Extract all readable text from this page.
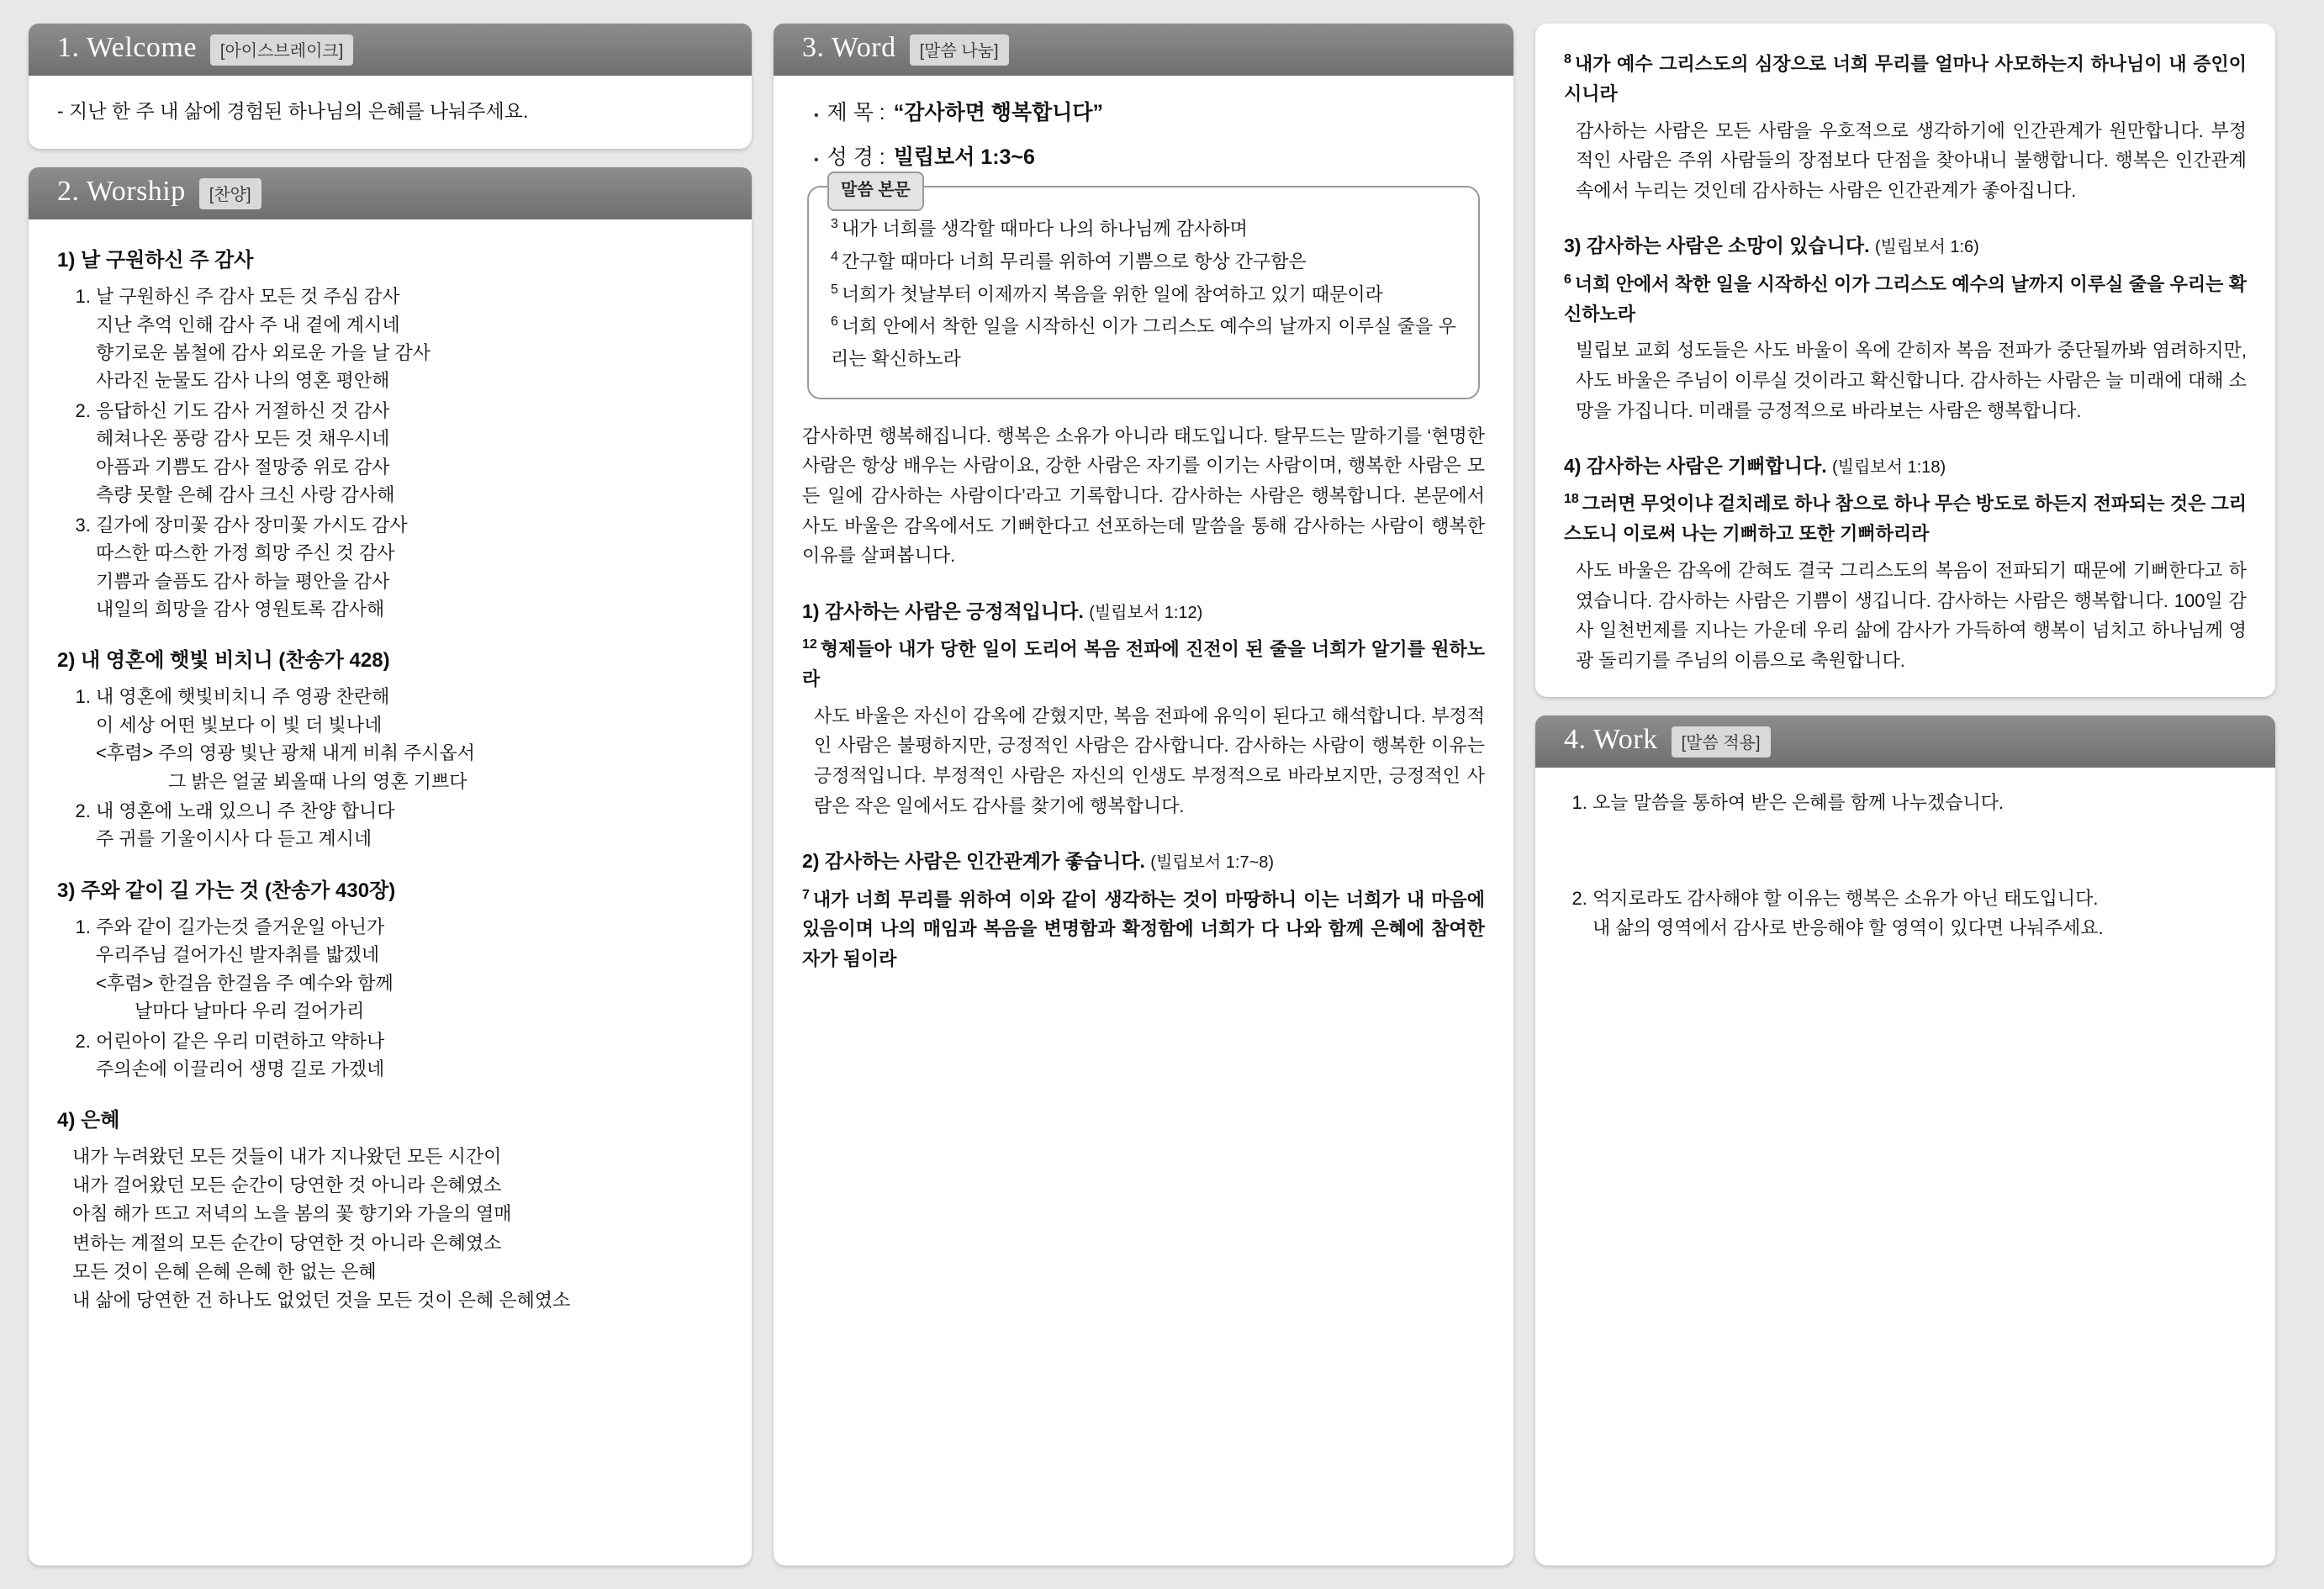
1. Welcome	[아이스브레이크]
- 지난 한 주 내 삶에 경험된 하나님의 은혜를 나눠주세요.
2. Worship	[찬양]
1) 날 구원하신 주 감사
1. 날 구원하신 주 감사 모든 것 주심 감사
지난 추억 인해 감사 주 내 곁에 계시네
향기로운 봄철에 감사 외로운 가을 날 감사
사라진 눈물도 감사 나의 영혼 평안해
2. 응답하신 기도 감사 거절하신 것 감사
헤쳐나온 풍랑 감사 모든 것 채우시네
아픔과 기쁨도 감사 절망중 위로 감사
측량 못할 은혜 감사 크신 사랑 감사해
3. 길가에 장미꽃 감사 장미꽃 가시도 감사
따스한 따스한 가정 희망 주신 것 감사
기쁨과 슬픔도 감사 하늘 평안을 감사
내일의 희망을 감사 영원토록 감사해
2) 내 영혼에 햇빛 비치니 (찬송가 428)
1. 내 영혼에 햇빛비치니 주 영광 찬란해
이 세상 어떤 빛보다 이 빛 더 빛나네
<후렴> 주의 영광 빛난 광채 내게 비춰 주시옵서
그 밝은 얼굴 뵈올때 나의 영혼 기쁘다
2. 내 영혼에 노래 있으니 주 찬양 합니다
주 귀를 기울이시사 다 듣고 계시네
3) 주와 같이 길 가는 것 (찬송가 430장)
1. 주와 같이 길가는것 즐거운일 아닌가
우리주님 걸어가신 발자취를 밟겠네
<후렴> 한걸음 한걸음 주 예수와 함께
날마다 날마다 우리 걸어가리
2. 어린아이 같은 우리 미련하고 약하나
주의손에 이끌리어 생명 길로 가겠네
4) 은혜
내가 누려왔던 모든 것들이 내가 지나왔던 모든 시간이
내가 걸어왔던 모든 순간이 당연한 것 아니라 은혜였소
아침 해가 뜨고 저녁의 노을 봄의 꽃 향기와 가을의 열매
변하는 계절의 모든 순간이 당연한 것 아니라 은혜였소
모든 것이 은혜 은혜 은혜 한 없는 은혜
내 삶에 당연한 건 하나도 없었던 것을 모든 것이 은혜 은혜였소
3. Word	[말씀 나눔]
• 제 목 : “감사하면 행복합니다”
• 성 경 : 빌립보서 1:3~6
말씀 본문
$^3$ 내가 너희를 생각할 때마다 나의 하나님께 감사하며
$^4$ 간구할 때마다 너희 무리를 위하여 기쁨으로 항상 간구함은
$^5$ 너희가 첫날부터 이제까지 복음을 위한 일에 참여하고 있기 때문이라
$^6$ 너희 안에서 착한 일을 시작하신 이가 그리스도 예수의 날까지 이루실 줄을 우리는 확신하노라
감사하면 행복해집니다. 행복은 소유가 아니라 태도입니다. 탈무드는 말하기를 ‘현명한 사람은 항상 배우는 사람이요, 강한 사람은 자기를 이기는 사람이며, 행복한 사람은 모든 일에 감사하는 사람이다’라고 기록합니다. 감사하는 사람은 행복합니다. 본문에서 사도 바울은 감옥에서도 기뻐한다고 선포하는데 말씀을 통해 감사하는 사람이 행복한 이유를 살펴봅니다.
1) 감사하는 사람은 긍정적입니다. (빌립보서 1:12)
$^{12}$ 형제들아 내가 당한 일이 도리어 복음 전파에 진전이 된 줄을 너희가 알기를 원하노라
사도 바울은 자신이 감옥에 갇혔지만, 복음 전파에 유익이 된다고 해석합니다. 부정적인 사람은 불평하지만, 긍정적인 사람은 감사합니다. 감사하는 사람이 행복한 이유는 긍정적입니다. 부정적인 사람은 자신의 인생도 부정적으로 바라보지만, 긍정적인 사람은 작은 일에서도 감사를 찾기에 행복합니다.
2) 감사하는 사람은 인간관계가 좋습니다. (빌립보서 1:7~8)
$^7$ 내가 너희 무리를 위하여 이와 같이 생각하는 것이 마땅하니 이는 너희가 내 마음에 있음이며 나의 매임과 복음을 변명함과 확정함에 너희가 다 나와 함께 은혜에 참여한 자가 됨이라
$^8$ 내가 예수 그리스도의 심장으로 너희 무리를 얼마나 사모하는지 하나님이 내 증인이시니라
감사하는 사람은 모든 사람을 우호적으로 생각하기에 인간관계가 원만합니다. 부정적인 사람은 주위 사람들의 장점보다 단점을 찾아내니 불행합니다. 행복은 인간관계 속에서 누리는 것인데 감사하는 사람은 인간관계가 좋아집니다.
3) 감사하는 사람은 소망이 있습니다. (빌립보서 1:6)
$^6$ 너희 안에서 착한 일을 시작하신 이가 그리스도 예수의 날까지 이루실 줄을 우리는 확신하노라
빌립보 교회 성도들은 사도 바울이 옥에 갇히자 복음 전파가 중단될까봐 염려하지만, 사도 바울은 주님이 이루실 것이라고 확신합니다. 감사하는 사람은 늘 미래에 대해 소망을 가집니다. 미래를 긍정적으로 바라보는 사람은 행복합니다.
4) 감사하는 사람은 기뻐합니다. (빌립보서 1:18)
$^{18}$ 그러면 무엇이냐 겉치레로 하나 참으로 하나 무슨 방도로 하든지 전파되는 것은 그리스도니 이로써 나는 기뻐하고 또한 기뻐하리라
사도 바울은 감옥에 갇혀도 결국 그리스도의 복음이 전파되기 때문에 기뻐한다고 하였습니다. 감사하는 사람은 기쁨이 생깁니다. 감사하는 사람은 행복합니다. 100일 감사 일천번제를 지나는 가운데 우리 삶에 감사가 가득하여 행복이 넘치고 하나님께 영광 돌리기를 주님의 이름으로 축원합니다.
4. Work	[말씀 적용]
1. 오늘 말씀을 통하여 받은 은혜를 함께 나누겠습니다.
2. 억지로라도 감사해야 할 이유는 행복은 소유가 아닌 태도입니다.
내 삶의 영역에서 감사로 반응해야 할 영역이 있다면 나눠주세요.
